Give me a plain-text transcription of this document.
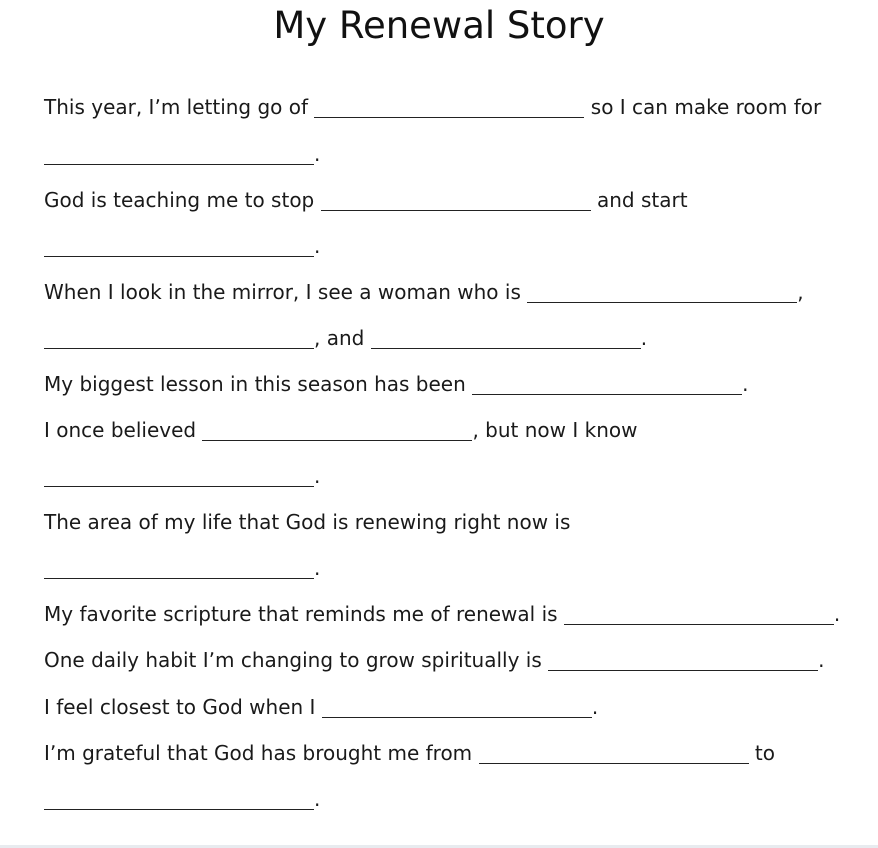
My Renewal Story

This year, Iʼm letting go of	so I can make room for

.

God is teaching me to stop	and start

.

When I look in the mirror, I see a woman who is	,

, and	.

My biggest lesson in this season has been	.

I once believed	, but now I know

.

The area of my life that God is renewing right now is

.

My favorite scripture that reminds me of renewal is	.

One daily habit Iʼm changing to grow spiritually is	.

I feel closest to God when I	.

Iʼm grateful that God has brought me from	to

.
